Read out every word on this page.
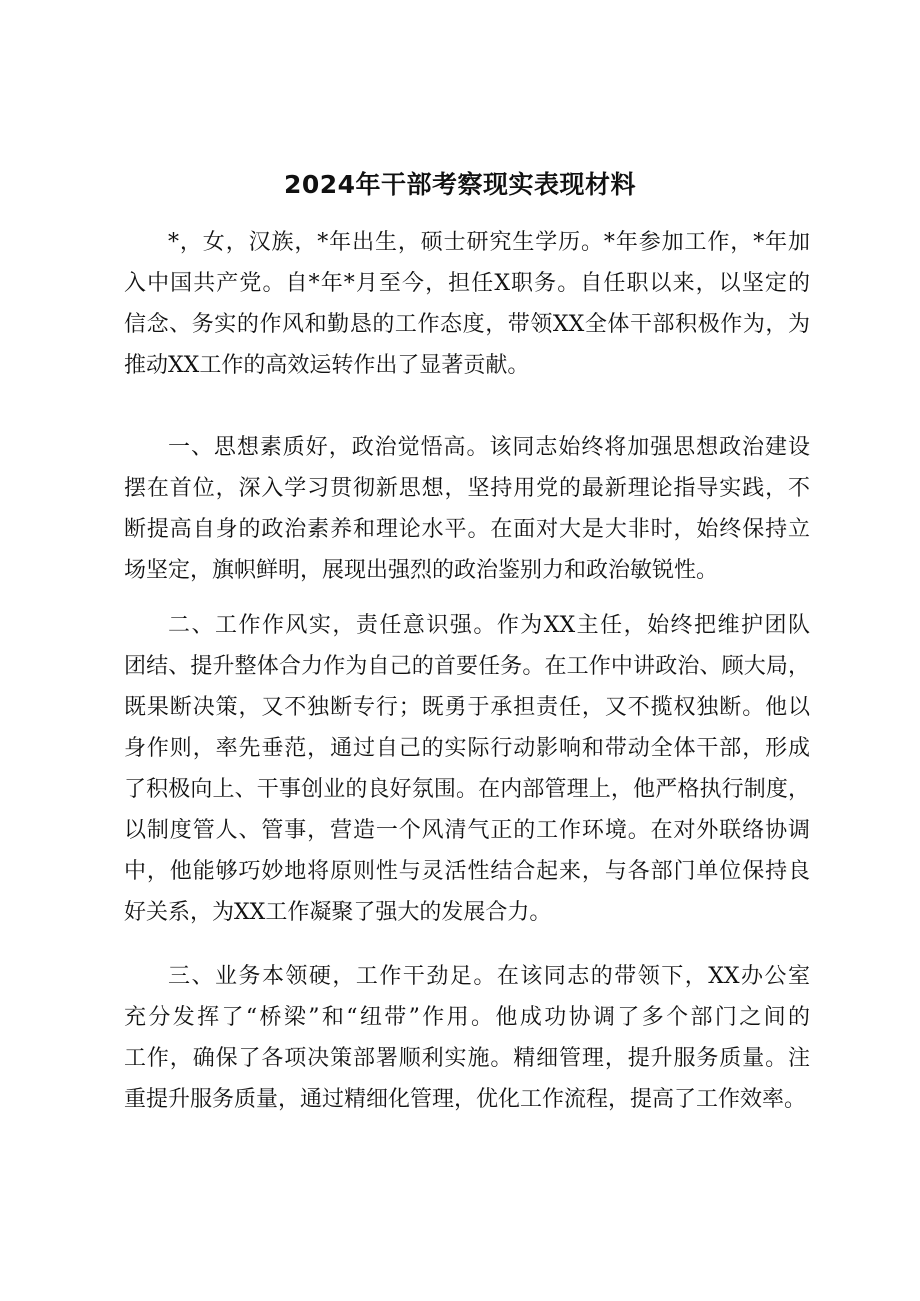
2024年干部考察现实表现材料
*，女，汉族，*年出生，硕士研究生学历。*年参加工作，*年加
入中国共产党。自*年*月至今，担任X职务。自任职以来，以坚定的
信念、务实的作风和勤恳的工作态度，带领XX全体干部积极作为，为
推动XX工作的高效运转作出了显著贡献。
一、思想素质好，政治觉悟高。该同志始终将加强思想政治建设
摆在首位，深入学习贯彻新思想，坚持用党的最新理论指导实践，不
断提高自身的政治素养和理论水平。在面对大是大非时，始终保持立
场坚定，旗帜鲜明，展现出强烈的政治鉴别力和政治敏锐性。
二、工作作风实，责任意识强。作为XX主任，始终把维护团队
团结、提升整体合力作为自己的首要任务。在工作中讲政治、顾大局，
既果断决策，又不独断专行；既勇于承担责任，又不揽权独断。他以
身作则，率先垂范，通过自己的实际行动影响和带动全体干部，形成
了积极向上、干事创业的良好氛围。在内部管理上，他严格执行制度，
以制度管人、管事，营造一个风清气正的工作环境。在对外联络协调
中，他能够巧妙地将原则性与灵活性结合起来，与各部门单位保持良
好关系，为XX工作凝聚了强大的发展合力。
三、业务本领硬，工作干劲足。在该同志的带领下，XX办公室
充分发挥了“桥梁”和“纽带”作用。他成功协调了多个部门之间的
工作，确保了各项决策部署顺利实施。精细管理，提升服务质量。注
重提升服务质量，通过精细化管理，优化工作流程，提高了工作效率。
